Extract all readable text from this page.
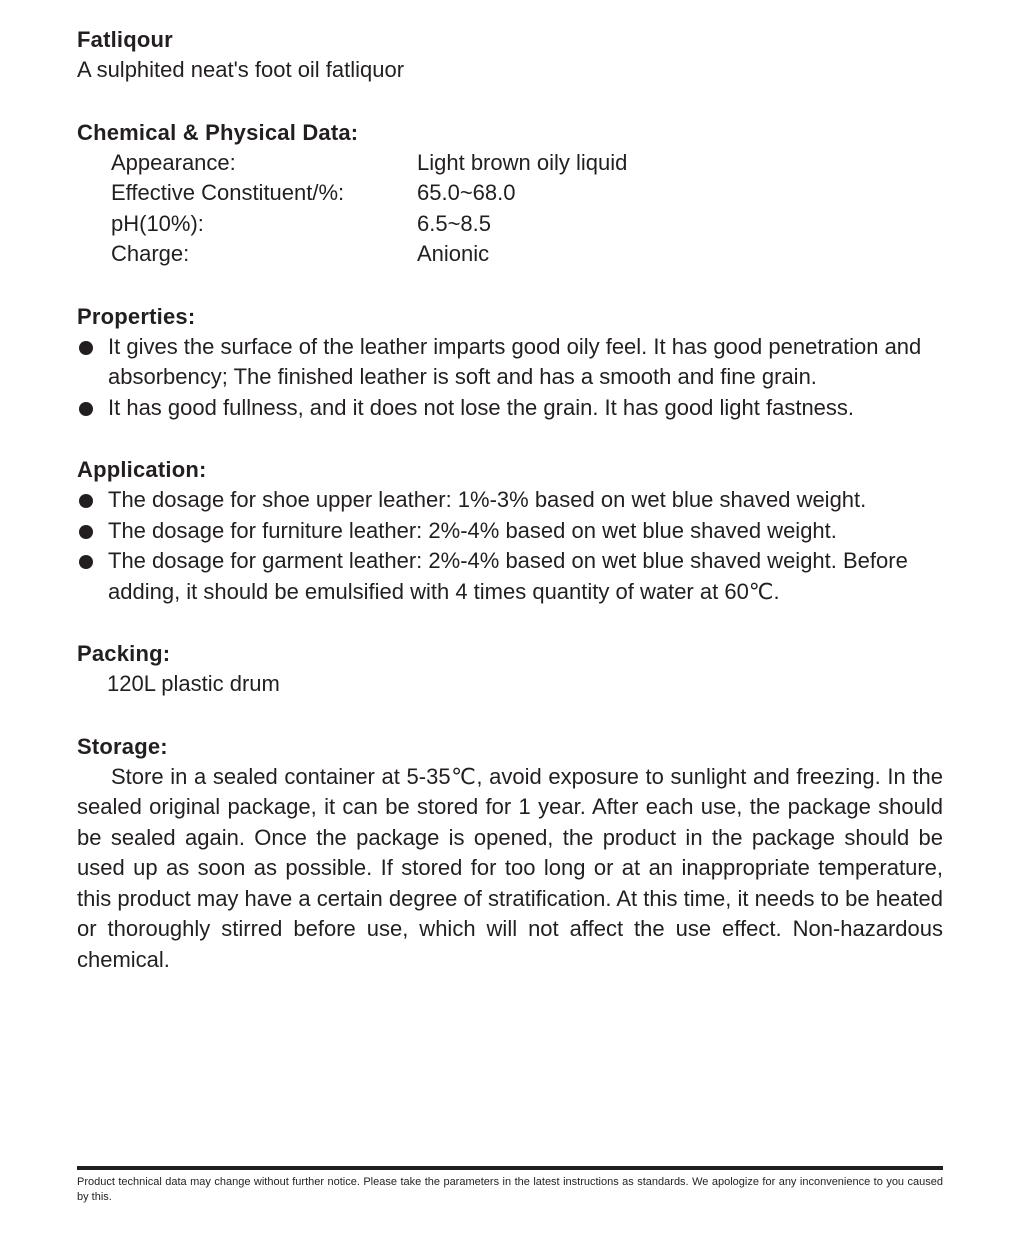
Fatliqour

A sulphited neat's foot oil fatliquor

Chemical & Physical Data:

Appearance:	Light brown oily liquid
Effective Constituent/%:	65.0~68.0
pH(10%):	6.5~8.5
Charge:	Anionic

Properties:

It gives the surface of the leather imparts good oily feel. It has good penetration and absorbency; The finished leather is soft and has a smooth and fine grain.
It has good fullness, and it does not lose the grain. It has good light fastness.

Application:

The dosage for shoe upper leather: 1%-3% based on wet blue shaved weight.
The dosage for furniture leather: 2%-4% based on wet blue shaved weight.
The dosage for garment leather: 2%-4% based on wet blue shaved weight. Before adding, it should be emulsified with 4 times quantity of water at 60℃.

Packing:

120L plastic drum

Storage:

Store in a sealed container at 5-35℃, avoid exposure to sunlight and freezing. In the sealed original package, it can be stored for 1 year. After each use, the package should be sealed again. Once the package is opened, the product in the package should be used up as soon as possible. If stored for too long or at an inappropriate temperature, this product may have a certain degree of stratification. At this time, it needs to be heated or thoroughly stirred before use, which will not affect the use effect. Non-hazardous chemical.

Product technical data may change without further notice. Please take the parameters in the latest instructions as standards. We apologize for any inconvenience to you caused by this.
